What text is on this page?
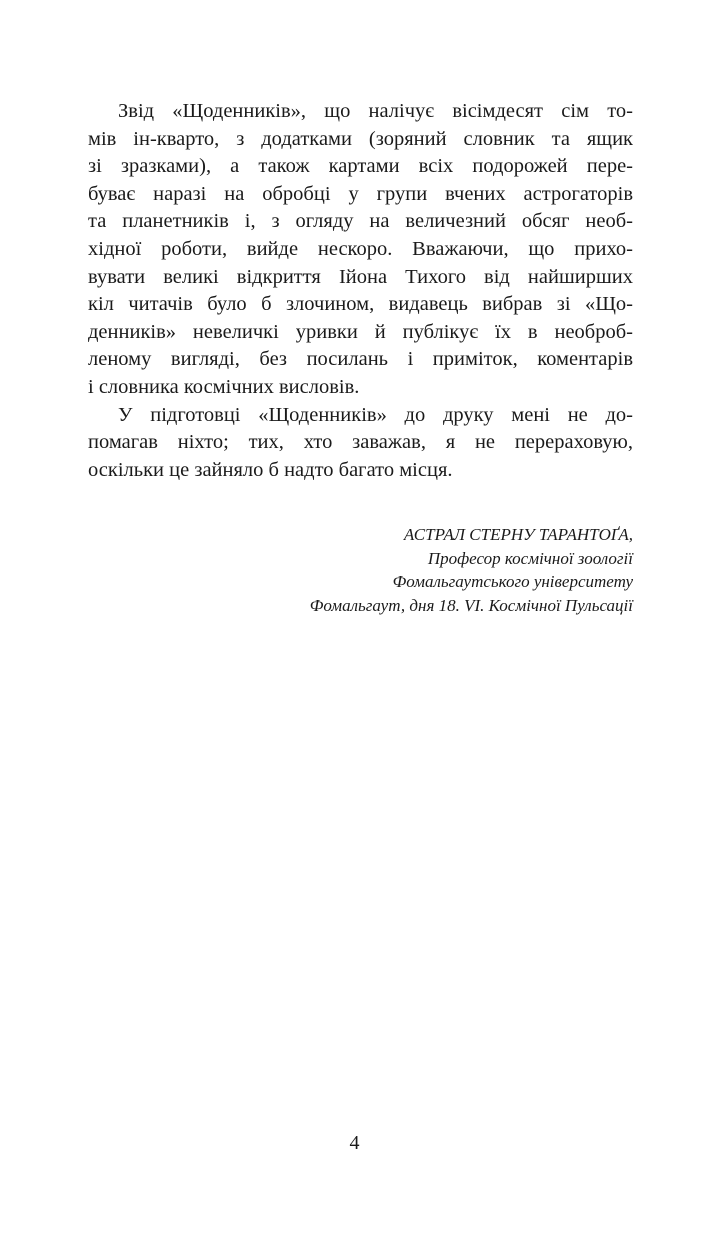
Звід «Щоденників», що налічує вісімдесят сім то-
мів ін-кварто, з додатками (зоряний словник та ящик
зі зразками), а також картами всіх подорожей пере-
буває наразі на обробці у групи вчених астрогаторів
та планетників і, з огляду на величезний обсяг необ-
хідної роботи, вийде нескоро. Вважаючи, що прихо-
вувати великі відкриття Ійона Тихого від найширших
кіл читачів було б злочином, видавець вибрав зі «Що-
денників» невеличкі уривки й публікує їх в необроб-
леному вигляді, без посилань і приміток, коментарів
і словника космічних висловів.
У підготовці «Щоденників» до друку мені не до-
помагав ніхто; тих, хто заважав, я не перераховую,
оскільки це зайняло б надто багато місця.
АСТРАЛ СТЕРНУ ТАРАНТОҐА,
Професор космічної зоології
Фомальгаутського університету
Фомальгаут, дня 18. VI. Космічної Пульсації
4
